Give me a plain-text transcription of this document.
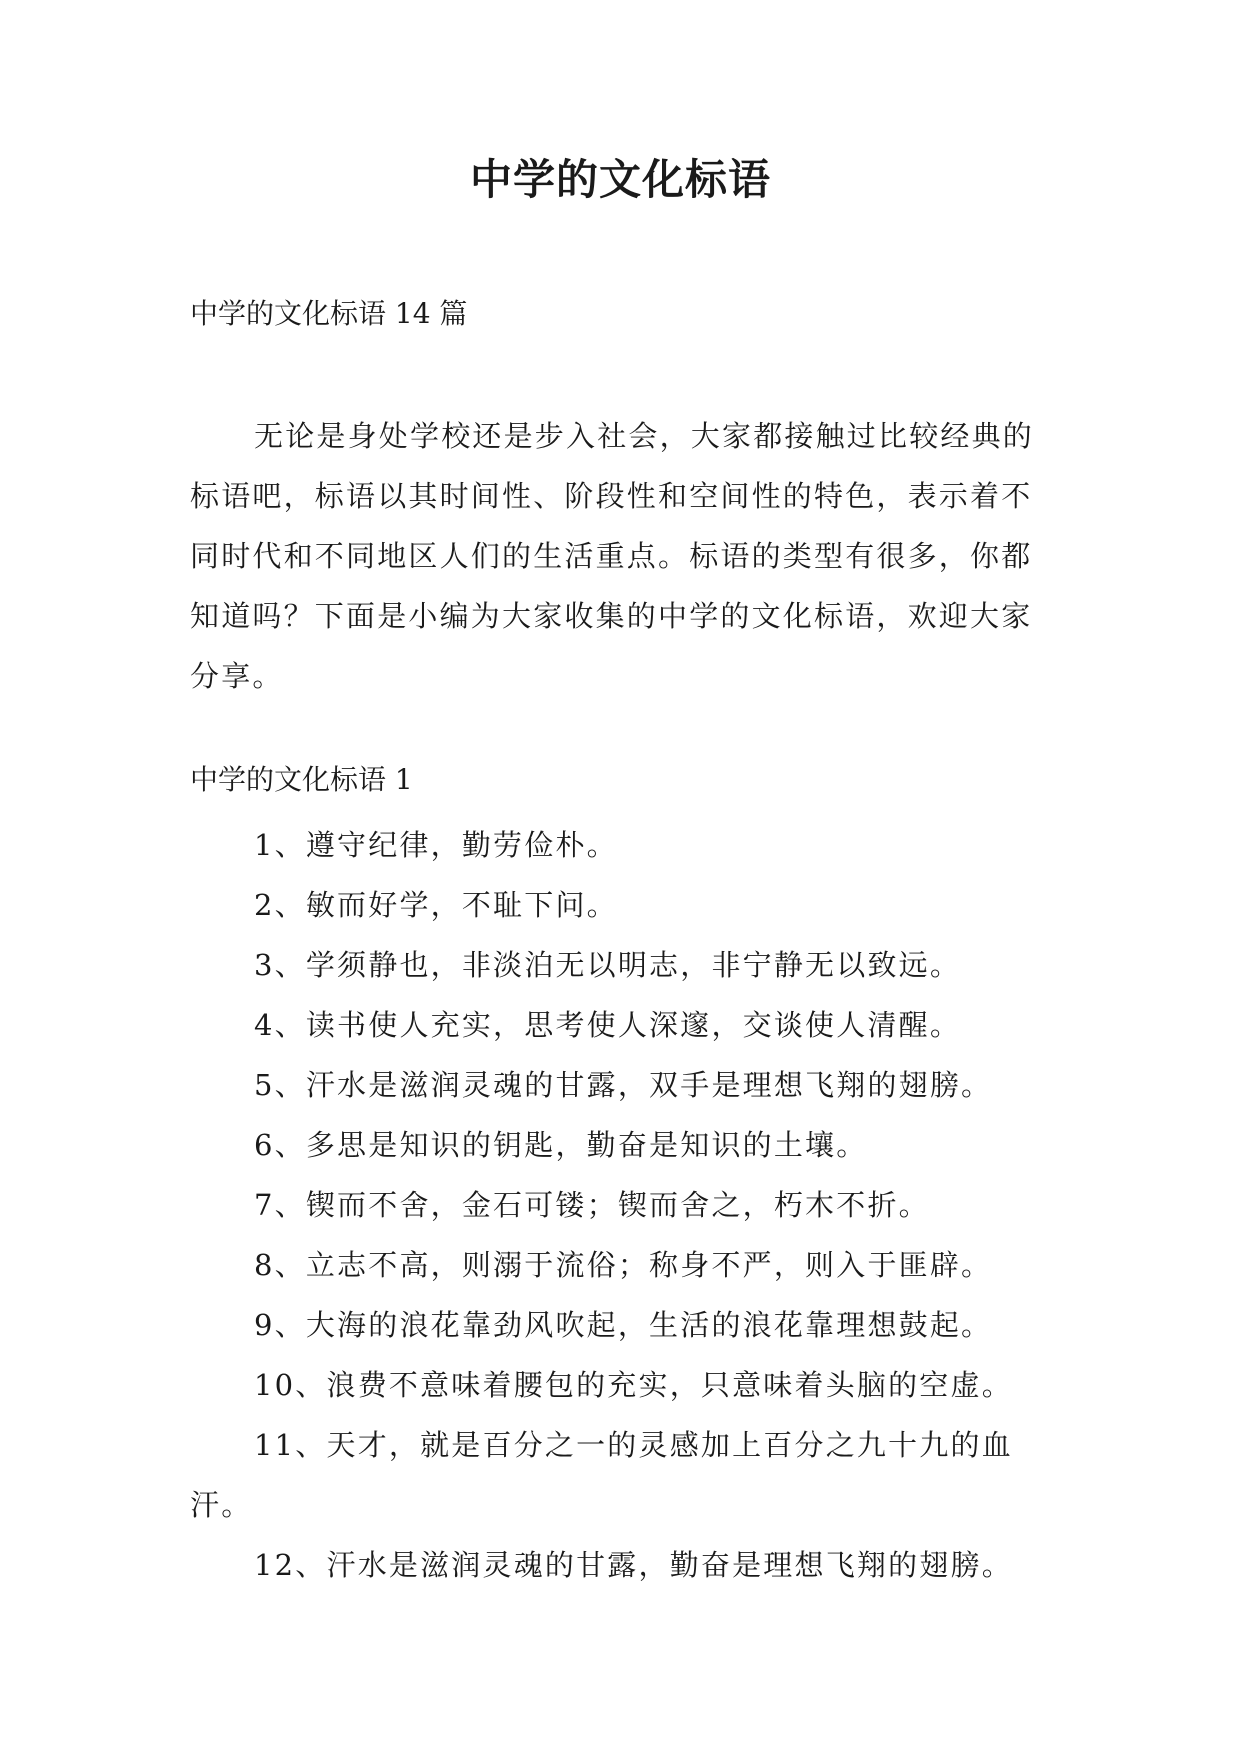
中学的文化标语

中学的文化标语 14 篇

无论是身处学校还是步入社会，大家都接触过比较经典的标语吧，标语以其时间性、阶段性和空间性的特色，表示着不同时代和不同地区人们的生活重点。标语的类型有很多，你都知道吗？下面是小编为大家收集的中学的文化标语，欢迎大家分享。

中学的文化标语 1

1、遵守纪律，勤劳俭朴。
2、敏而好学，不耻下问。
3、学须静也，非淡泊无以明志，非宁静无以致远。
4、读书使人充实，思考使人深邃，交谈使人清醒。
5、汗水是滋润灵魂的甘露，双手是理想飞翔的翅膀。
6、多思是知识的钥匙，勤奋是知识的土壤。
7、锲而不舍，金石可镂；锲而舍之，朽木不折。
8、立志不高，则溺于流俗；称身不严，则入于匪辟。
9、大海的浪花靠劲风吹起，生活的浪花靠理想鼓起。
10、浪费不意味着腰包的充实，只意味着头脑的空虚。
11、天才，就是百分之一的灵感加上百分之九十九的血汗。
12、汗水是滋润灵魂的甘露，勤奋是理想飞翔的翅膀。
